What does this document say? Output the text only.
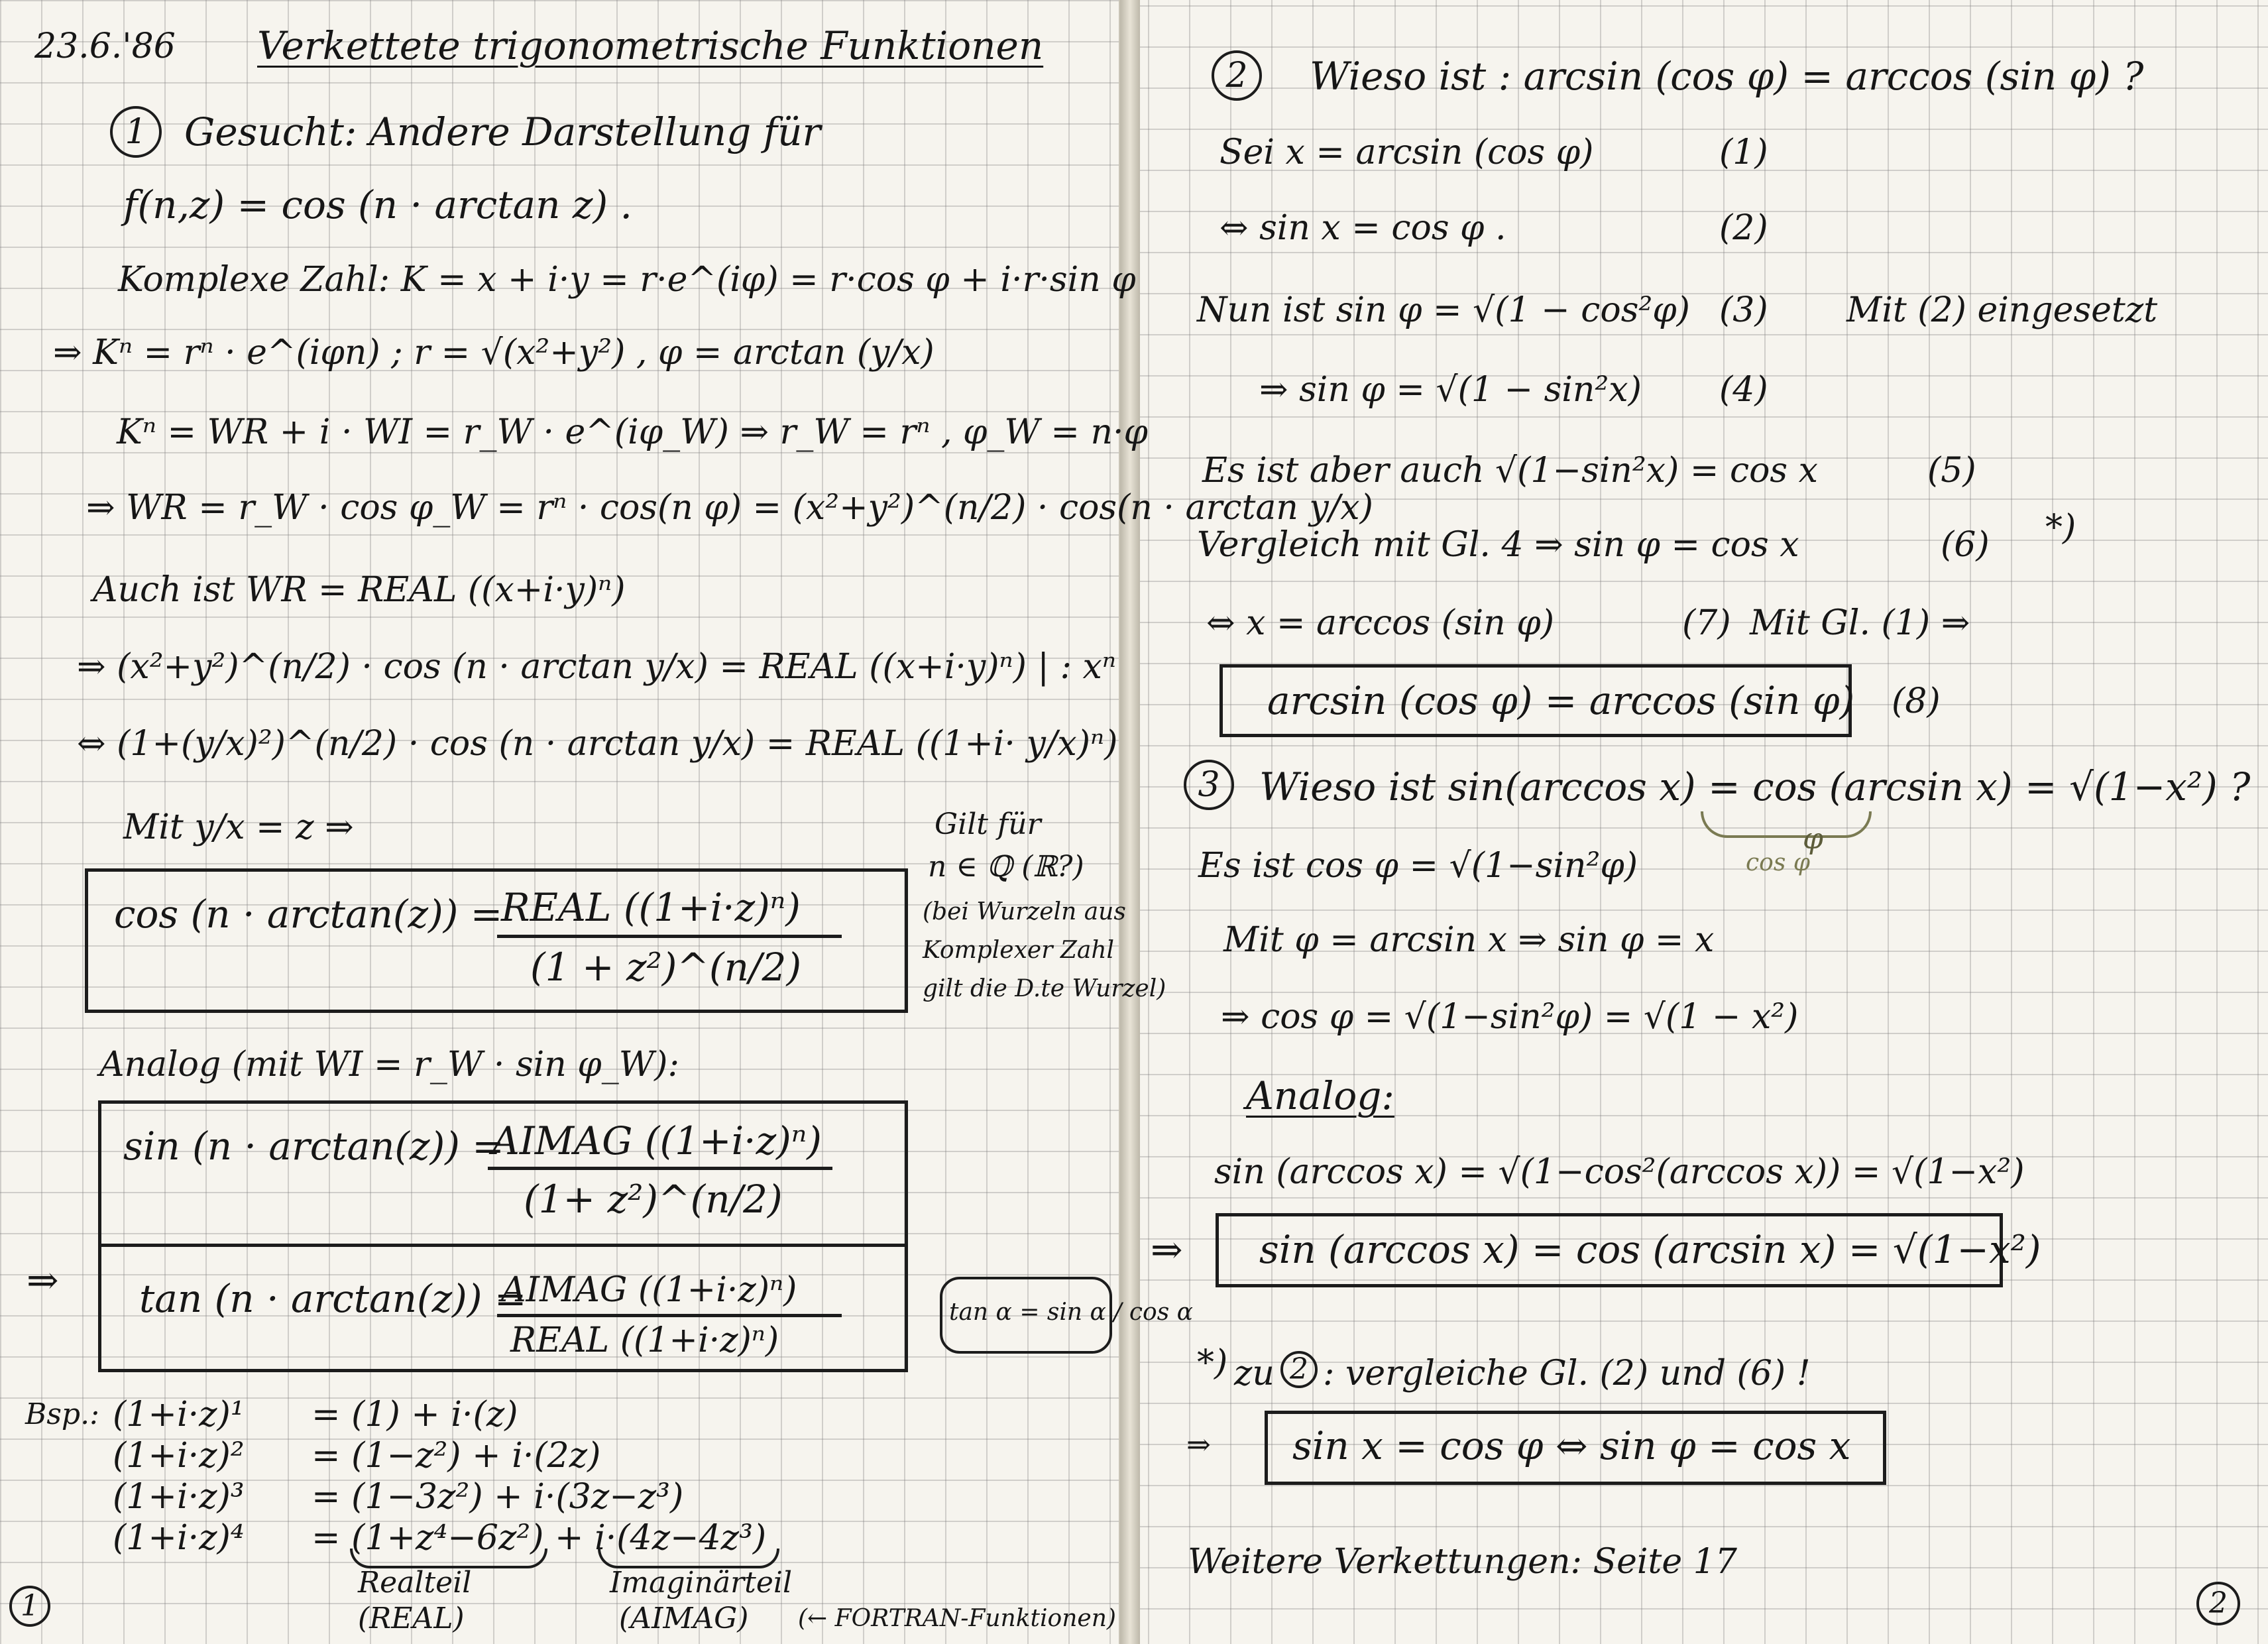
23.6.'86 Verkettete trigonometrische Funktionen
1 Gesucht: Andere Darstellung für
f(n,z) = cos (n · arctan z) .
Komplexe Zahl: K = x + i·y = r·e^(iφ) = r·cos φ + i·r·sin φ
⇒ Kⁿ = rⁿ · e^(iφn) ; r = √(x²+y²) , φ = arctan (y/x)
Kⁿ = WR + i · WI = r_W · e^(iφ_W) ⇒ r_W = rⁿ , φ_W = n·φ
⇒ WR = r_W · cos φ_W = rⁿ · cos(n φ) = (x²+y²)^(n/2) · cos(n · arctan y/x)
Auch ist WR = REAL ((x+i·y)ⁿ)
⇒ (x²+y²)^(n/2) · cos (n · arctan y/x) = REAL ((x+i·y)ⁿ) | : xⁿ
⇔ (1+(y/x)²)^(n/2) · cos (n · arctan y/x) = REAL ((1+i· y/x)ⁿ)
Mit y/x = z ⇒	Gilt für
n ∈ ℚ (ℝ?)
(bei Wurzeln aus
Komplexer Zahl
gilt die D.te Wurzel)
cos (n · arctan(z)) =
REAL ((1+i·z)ⁿ)
(1 + z²)^(n/2)
Analog (mit WI = r_W · sin φ_W):
sin (n · arctan(z)) =
AIMAG ((1+i·z)ⁿ)
(1+ z²)^(n/2)
⇒ tan (n · arctan(z)) =
AIMAG ((1+i·z)ⁿ)
REAL ((1+i·z)ⁿ)
tan α = sin α / cos α
Bsp.: (1+i·z)¹ = (1) + i·(z)
(1+i·z)² = (1−z²) + i·(2z)
(1+i·z)³ = (1−3z²) + i·(3z−z³)
(1+i·z)⁴ = (1+z⁴−6z²) + i·(4z−4z³)
Realteil
(REAL)
Imaginärteil
(AIMAG) (← FORTRAN-Funktionen)
1
2	Wieso ist : arcsin (cos φ) = arccos (sin φ) ?
Sei x = arcsin (cos φ)	(1)
⇔ sin x = cos φ .	(2)
Nun ist sin φ = √(1 − cos²φ) (3) Mit (2) eingesetzt
⇒ sin φ = √(1 − sin²x) (4)
Es ist aber auch √(1−sin²x) = cos x	(5)
Vergleich mit Gl. 4 ⇒ sin φ = cos x	(6) *)
⇔ x = arccos (sin φ)	(7) Mit Gl. (1) ⇒
arcsin (cos φ) = arccos (sin φ) (8)
3	Wieso ist sin(arccos x) = cos (arcsin x) = √(1−x²) ?
φ
cos φ
Es ist cos φ = √(1−sin²φ)
Mit φ = arcsin x ⇒ sin φ = x
⇒ cos φ = √(1−sin²φ) = √(1 − x²)
Analog:
sin (arccos x) = √(1−cos²(arccos x)) = √(1−x²)
⇒ sin (arccos x) = cos (arcsin x) = √(1−x²)
*) zu 2 : vergleiche Gl. (2) und (6) !
⇒ sin x = cos φ ⇔ sin φ = cos x
Weitere Verkettungen: Seite 17
2
